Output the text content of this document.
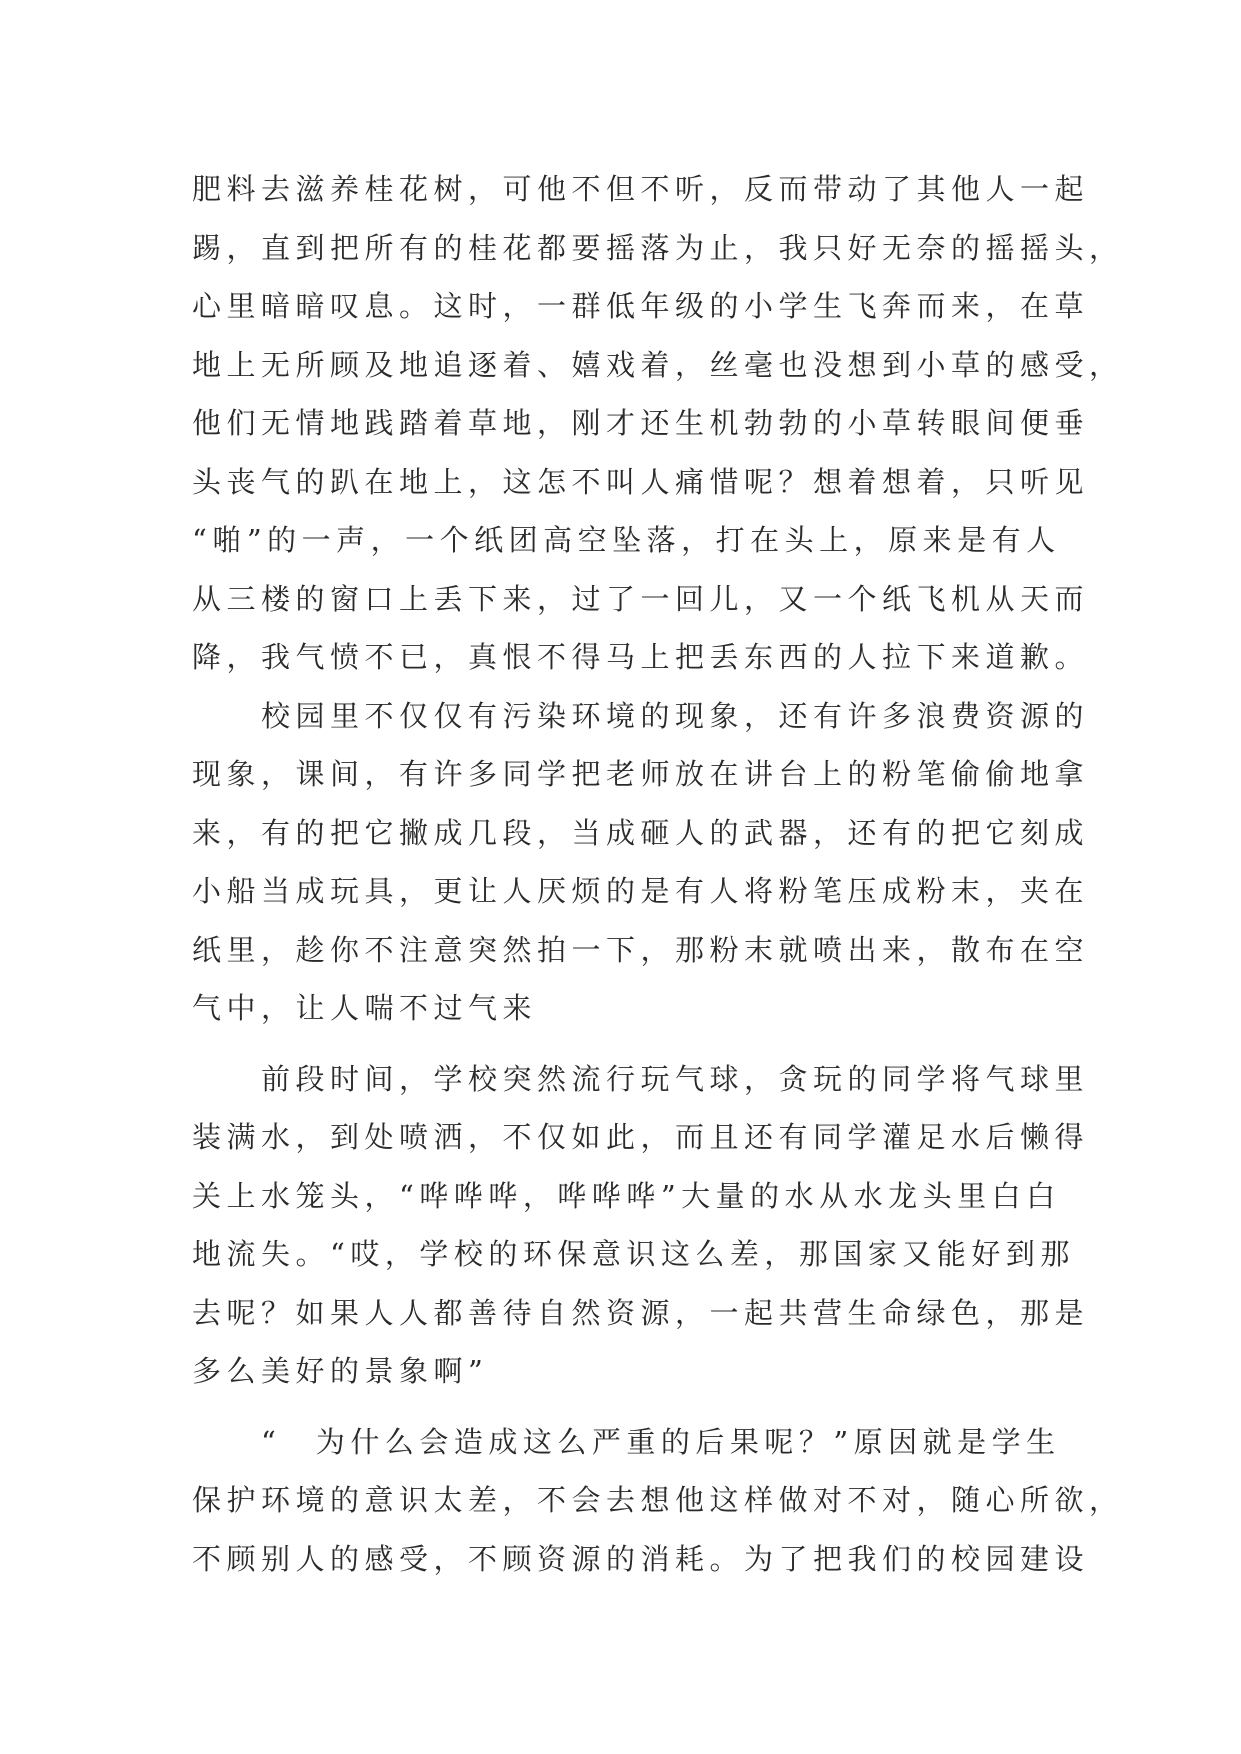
肥料去滋养桂花树，可他不但不听，反而带动了其他人一起
踢，直到把所有的桂花都要摇落为止，我只好无奈的摇摇头，
心里暗暗叹息。这时，一群低年级的小学生飞奔而来，在草
地上无所顾及地追逐着、嬉戏着，丝毫也没想到小草的感受，
他们无情地践踏着草地，刚才还生机勃勃的小草转眼间便垂
头丧气的趴在地上，这怎不叫人痛惜呢？想着想着，只听见
“啪”的一声，一个纸团高空坠落，打在头上，原来是有人
从三楼的窗口上丢下来，过了一回儿，又一个纸飞机从天而
降，我气愤不已，真恨不得马上把丢东西的人拉下来道歉。
　　校园里不仅仅有污染环境的现象，还有许多浪费资源的
现象，课间，有许多同学把老师放在讲台上的粉笔偷偷地拿
来，有的把它撇成几段，当成砸人的武器，还有的把它刻成
小船当成玩具，更让人厌烦的是有人将粉笔压成粉末，夹在
纸里，趁你不注意突然拍一下，那粉末就喷出来，散布在空
气中，让人喘不过气来
　　前段时间，学校突然流行玩气球，贪玩的同学将气球里
装满水，到处喷洒，不仅如此，而且还有同学灌足水后懒得
关上水笼头，“哗哗哗，哗哗哗”大量的水从水龙头里白白
地流失。“哎，学校的环保意识这么差，那国家又能好到那
去呢？如果人人都善待自然资源，一起共营生命绿色，那是
多么美好的景象啊”
　　“　为什么会造成这么严重的后果呢？”原因就是学生
保护环境的意识太差，不会去想他这样做对不对，随心所欲，
不顾别人的感受，不顾资源的消耗。为了把我们的校园建设
